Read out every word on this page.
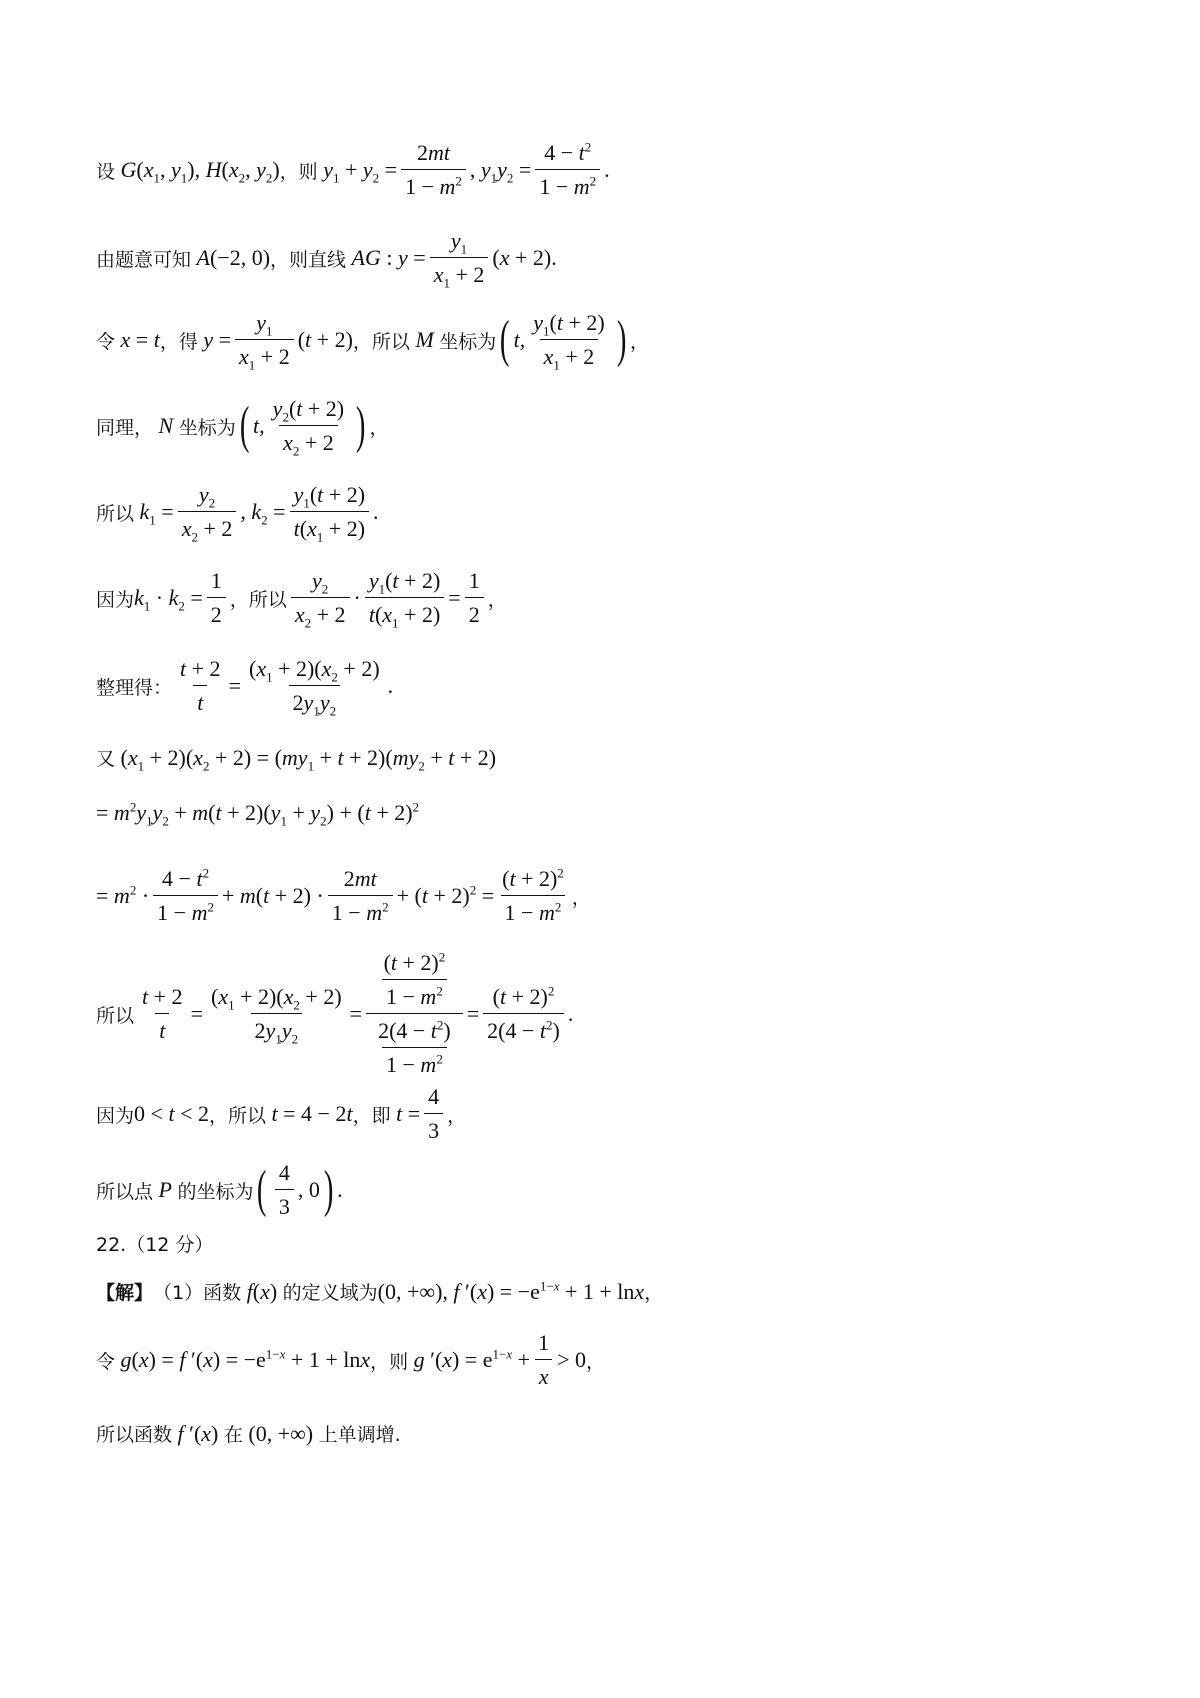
设 $G(x_1$, $y_1$), $H(x_2$, $y_2$) ，则 $y_1 + y_2 = \frac{2mt}{1 - m^2}$ , $y_1y_2 = \frac{4 - t^2}{1 - m^2}$ .
由题意可知 A(−2, 0) ，则直线 AG : $y = \frac{y_1}{x_1 + 2} (x + 2)$.
令 x = t ，得 $y = \frac{y_1}{x_1 + 2} (t + 2)$ ， 所以 M 坐标为 ( t, $\frac{y_1(t + 2)}{x_1 + 2}$ ) ，
同理， N 坐标为 ( t, $\frac{y_2(t + 2)}{x_2 + 2}$ ) ，
所以 $k_1 = \frac{y_2}{x_2 + 2}$ , $k_2 = \frac{y_1(t + 2)}{t(x_1 + 2)}$ .
因为 $k_1 \cdot k_2 = \frac{1}{2}$ ，所以 $\frac{y_2}{x_2 + 2} \cdot \frac{y_1(t + 2)}{t(x_1 + 2)} = \frac{1}{2}$ ，
整理得： $\frac{t + 2}{t} = \frac{(x_1 + 2)(x_2 + 2)}{2y_1y_2}$ .
又 $(x_1 + 2)(x_2 + 2) = (my_1 + t + 2)(my_2 + t + 2)$
= $m^2y_1y_2 + m(t + 2)(y_1 + y_2) + (t + 2)^2$
= $m^2 \cdot \frac{4 - t^2}{1 - m^2} + m(t + 2) \cdot \frac{2mt}{1 - m^2} + (t + 2)^2 = \frac{(t + 2)^2}{1 - m^2}$ ，
所以 $\frac{t + 2}{t} = \frac{(x_1 + 2)(x_2 + 2)}{2y_1y_2} = \frac{\frac{(t + 2)^2}{1 - m^2}}{\frac{2(4 - t^2)}{1 - m^2}} = \frac{(t + 2)^2}{2(4 - t^2)}$ .
因为 0 < t < 2 ，所以 t = 4 − 2t ，即 $t = \frac{4}{3}$ ，
所以点 P 的坐标为 ( $\frac{4}{3}$ , 0 ) .
22.（12 分）
【解】 （1）函数 f(x) 的定义域为 (0, +∞), f $'(x) = -e^{1-x} + 1 + \ln x$ ，
令 g(x) = f $'(x) = -e^{1-x} + 1 + \ln x$ ，则 g $'(x) = e^{1-x} + \frac{1}{x} > 0$ ，
所以函数 f ′(x) 在 (0, +∞) 上单调增.
